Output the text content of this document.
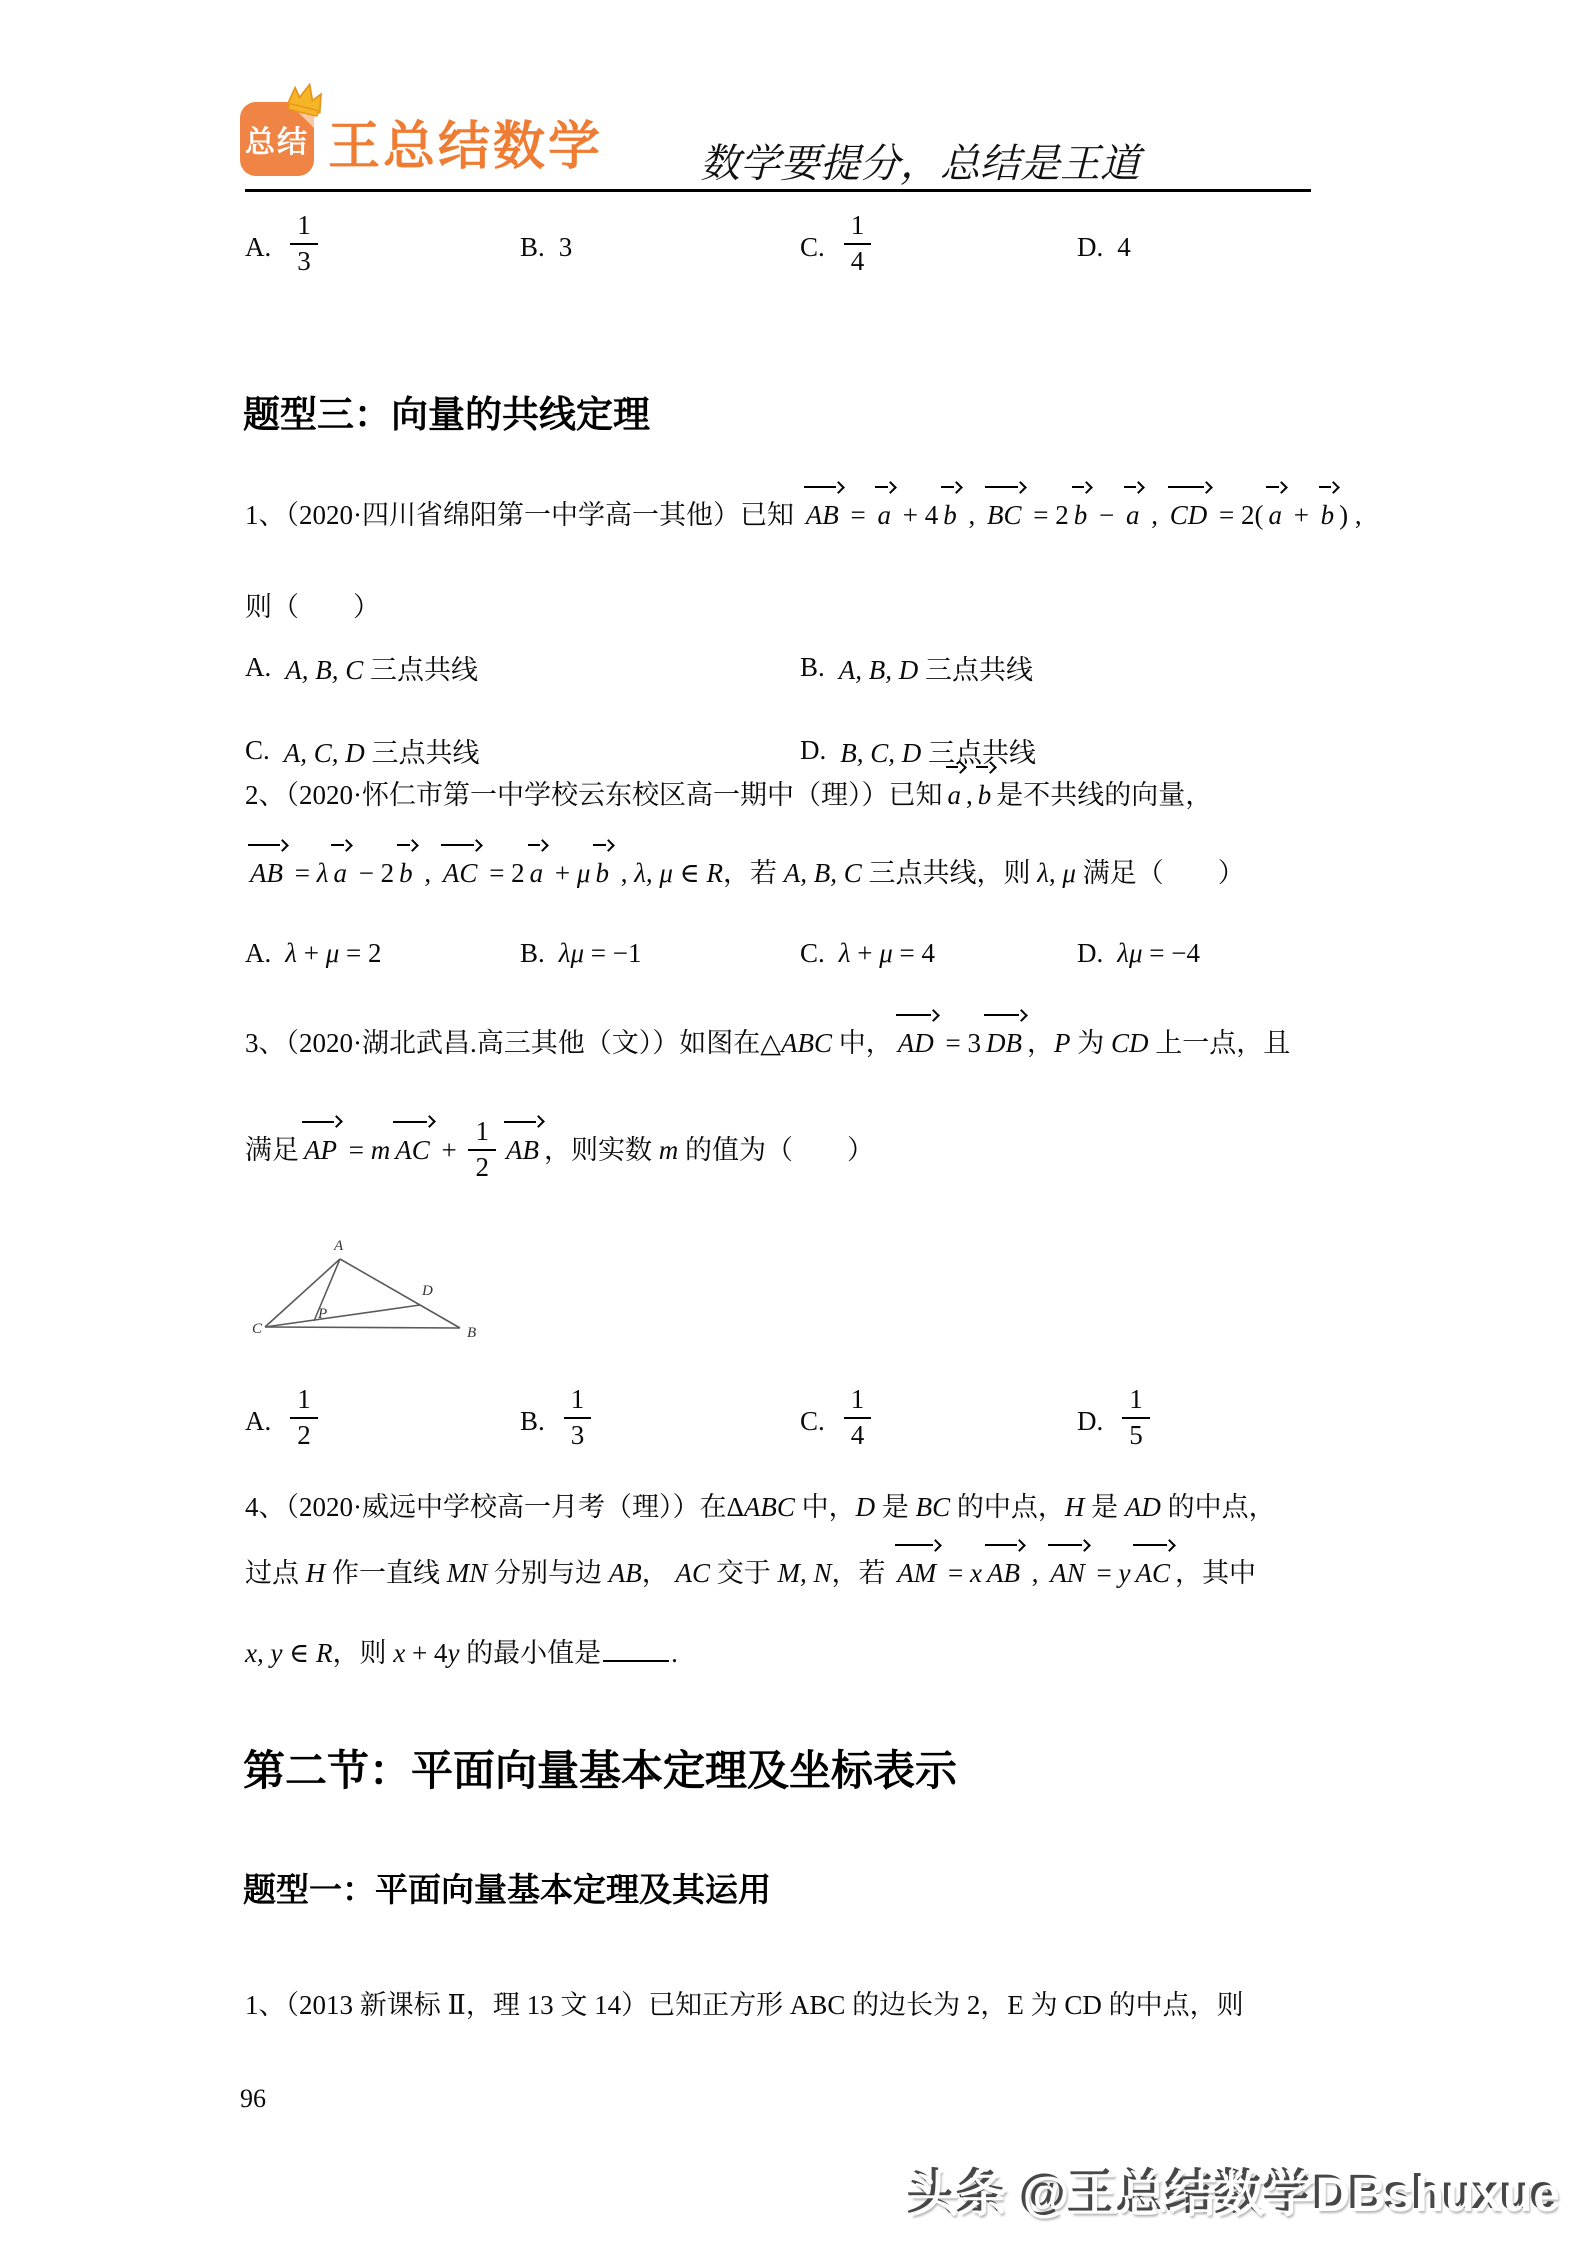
总结 王总结数学 数学要提分，总结是王道
A. $\frac{1}{3}$	B. 3	C. $\frac{1}{4}$	D. 4
题型三：向量的共线定理
1、（2020·四川省绵阳第一中学高一其他）已知 AB = a + 4 b , BC = 2 b − a , CD = 2( a + b ) ,
则（　　）
A. A, B, C 三点共线	B. A, B, D 三点共线
C. A, C, D 三点共线	D. B, C, D 三点共线
2、（2020·怀仁市第一中学校云东校区高一期中（理））已知 a , b 是不共线的向量，
AB = λ a − 2 b , AC = 2 a + μ b , λ, μ ∈ R，若 A, B, C 三点共线，则 λ, μ 满足（　　）
A. λ + μ = 2	B. λμ = −1	C. λ + μ = 4	D. λμ = −4
3、（2020·湖北武昌.高三其他（文））如图在△ABC 中， AD = 3 DB ，P 为 CD 上一点，且
满足 AP = m AC + $\frac{1}{2}$ AB ，则实数 m 的值为（　　）
A
B
C
D
P
A. $\frac{1}{2}$	B. $\frac{1}{3}$	C. $\frac{1}{4}$	D. $\frac{1}{5}$
4、（2020·威远中学校高一月考（理））在ΔABC 中，D 是 BC 的中点，H 是 AD 的中点，
过点 H 作一直线 MN 分别与边 AB， AC 交于 M, N，若 AM = x AB , AN = y AC ，其中
x, y ∈ R，则 x + 4y 的最小值是	.
第二节：平面向量基本定理及坐标表示
题型一：平面向量基本定理及其运用
1、（2013 新课标 Ⅱ，理 13 文 14）已知正方形 ABC 的边长为 2，E 为 CD 的中点，则
96
头条 @王总结数学DBshuxue
